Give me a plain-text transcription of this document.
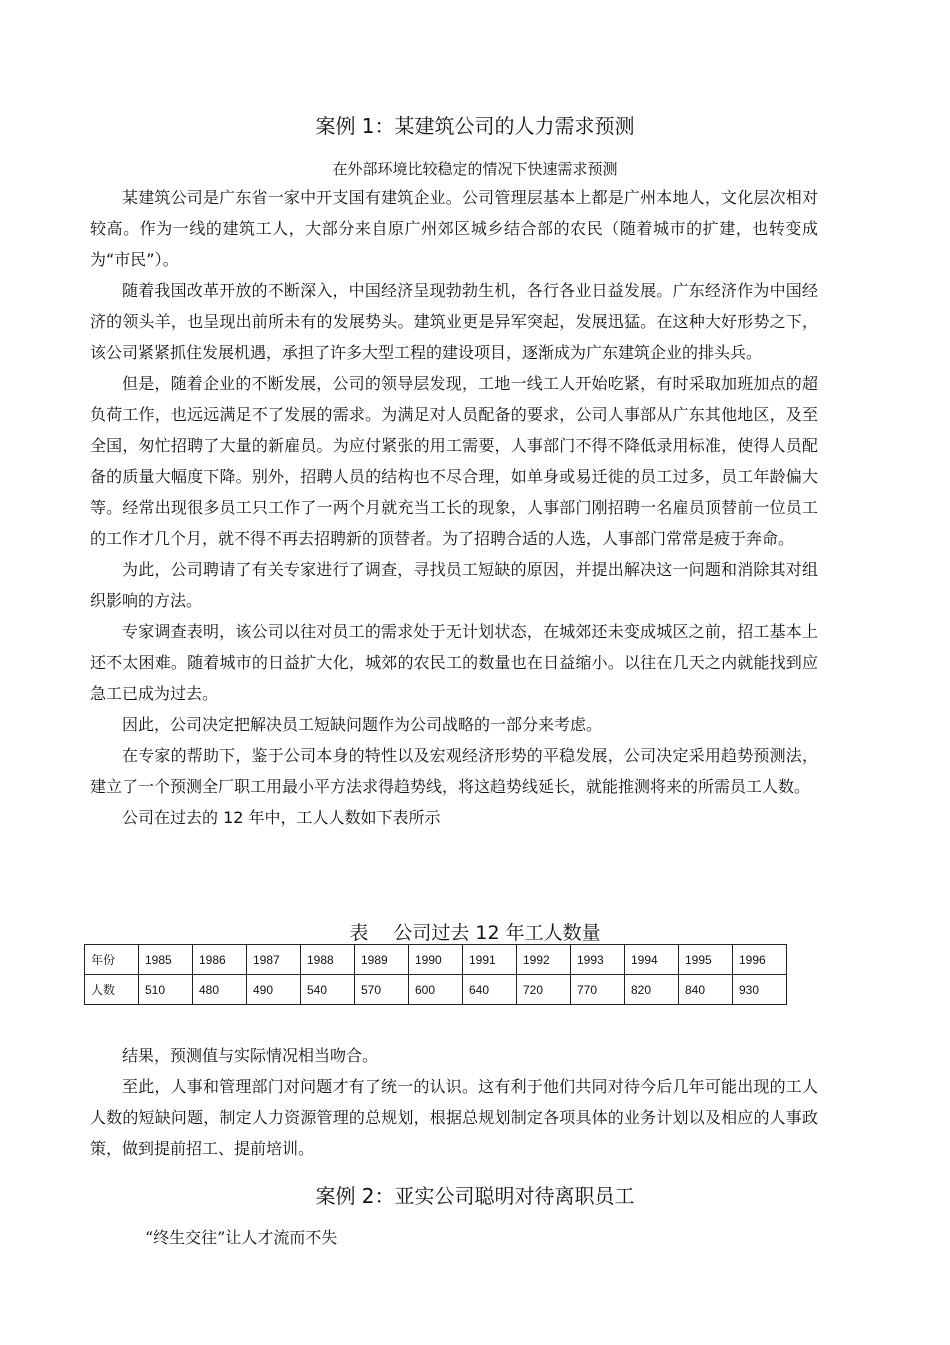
案例 1：某建筑公司的人力需求预测
在外部环境比较稳定的情况下快速需求预测

某建筑公司是广东省一家中开支国有建筑企业。公司管理层基本上都是广州本地人，文化层次相对较高。作为一线的建筑工人，大部分来自原广州郊区城乡结合部的农民（随着城市的扩建，也转变成为“市民”）。

随着我国改革开放的不断深入，中国经济呈现勃勃生机，各行各业日益发展。广东经济作为中国经济的领头羊，也呈现出前所未有的发展势头。建筑业更是异军突起，发展迅猛。在这种大好形势之下，该公司紧紧抓住发展机遇，承担了许多大型工程的建设项目，逐渐成为广东建筑企业的排头兵。

但是，随着企业的不断发展，公司的领导层发现，工地一线工人开始吃紧，有时采取加班加点的超负荷工作，也远远满足不了发展的需求。为满足对人员配备的要求，公司人事部从广东其他地区，及至全国，匆忙招聘了大量的新雇员。为应付紧张的用工需要，人事部门不得不降低录用标准，使得人员配备的质量大幅度下降。别外，招聘人员的结构也不尽合理，如单身或易迁徙的员工过多，员工年龄偏大等。经常出现很多员工只工作了一两个月就充当工长的现象，人事部门刚招聘一名雇员顶替前一位员工的工作才几个月，就不得不再去招聘新的顶替者。为了招聘合适的人选，人事部门常常是疲于奔命。

为此，公司聘请了有关专家进行了调查，寻找员工短缺的原因，并提出解决这一问题和消除其对组织影响的方法。

专家调查表明，该公司以往对员工的需求处于无计划状态，在城郊还未变成城区之前，招工基本上还不太困难。随着城市的日益扩大化，城郊的农民工的数量也在日益缩小。以往在几天之内就能找到应急工已成为过去。

因此，公司决定把解决员工短缺问题作为公司战略的一部分来考虑。

在专家的帮助下，鉴于公司本身的特性以及宏观经济形势的平稳发展，公司决定采用趋势预测法，建立了一个预测全厂职工用最小平方法求得趋势线，将这趋势线延长，就能推测将来的所需员工人数。

公司在过去的 12 年中，工人人数如下表所示

表　 公司过去 12 年工人数量
年份	1985	1986	1987	1988	1989	1990	1991	1992	1993	1994	1995	1996
人数	510	480	490	540	570	600	640	720	770	820	840	930

结果，预测值与实际情况相当吻合。

至此，人事和管理部门对问题才有了统一的认识。这有利于他们共同对待今后几年可能出现的工人人数的短缺问题，制定人力资源管理的总规划，根据总规划制定各项具体的业务计划以及相应的人事政策，做到提前招工、提前培训。

案例 2：亚实公司聪明对待离职员工
“终生交往”让人才流而不失
